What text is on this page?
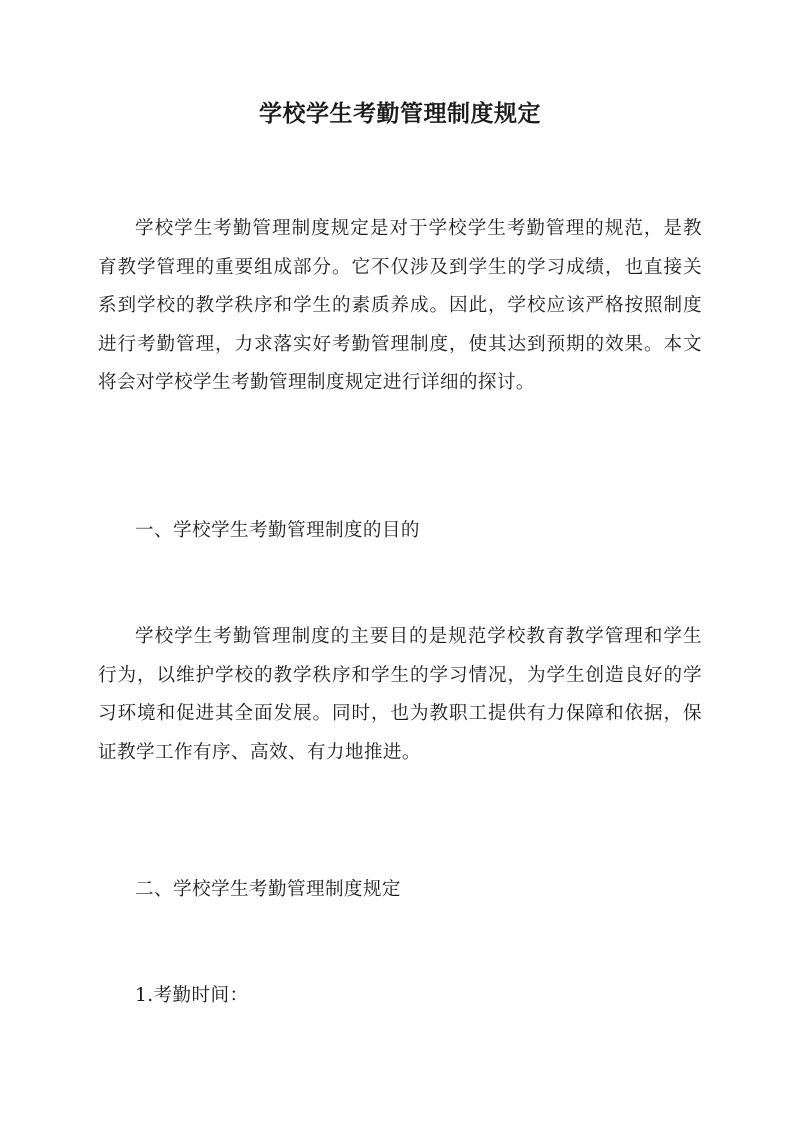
学校学生考勤管理制度规定

学校学生考勤管理制度规定是对于学校学生考勤管理的规范，是教育教学管理的重要组成部分。它不仅涉及到学生的学习成绩，也直接关系到学校的教学秩序和学生的素质养成。因此，学校应该严格按照制度进行考勤管理，力求落实好考勤管理制度，使其达到预期的效果。本文将会对学校学生考勤管理制度规定进行详细的探讨。

一、学校学生考勤管理制度的目的

学校学生考勤管理制度的主要目的是规范学校教育教学管理和学生行为，以维护学校的教学秩序和学生的学习情况，为学生创造良好的学习环境和促进其全面发展。同时，也为教职工提供有力保障和依据，保证教学工作有序、高效、有力地推进。

二、学校学生考勤管理制度规定
1.考勤时间：
